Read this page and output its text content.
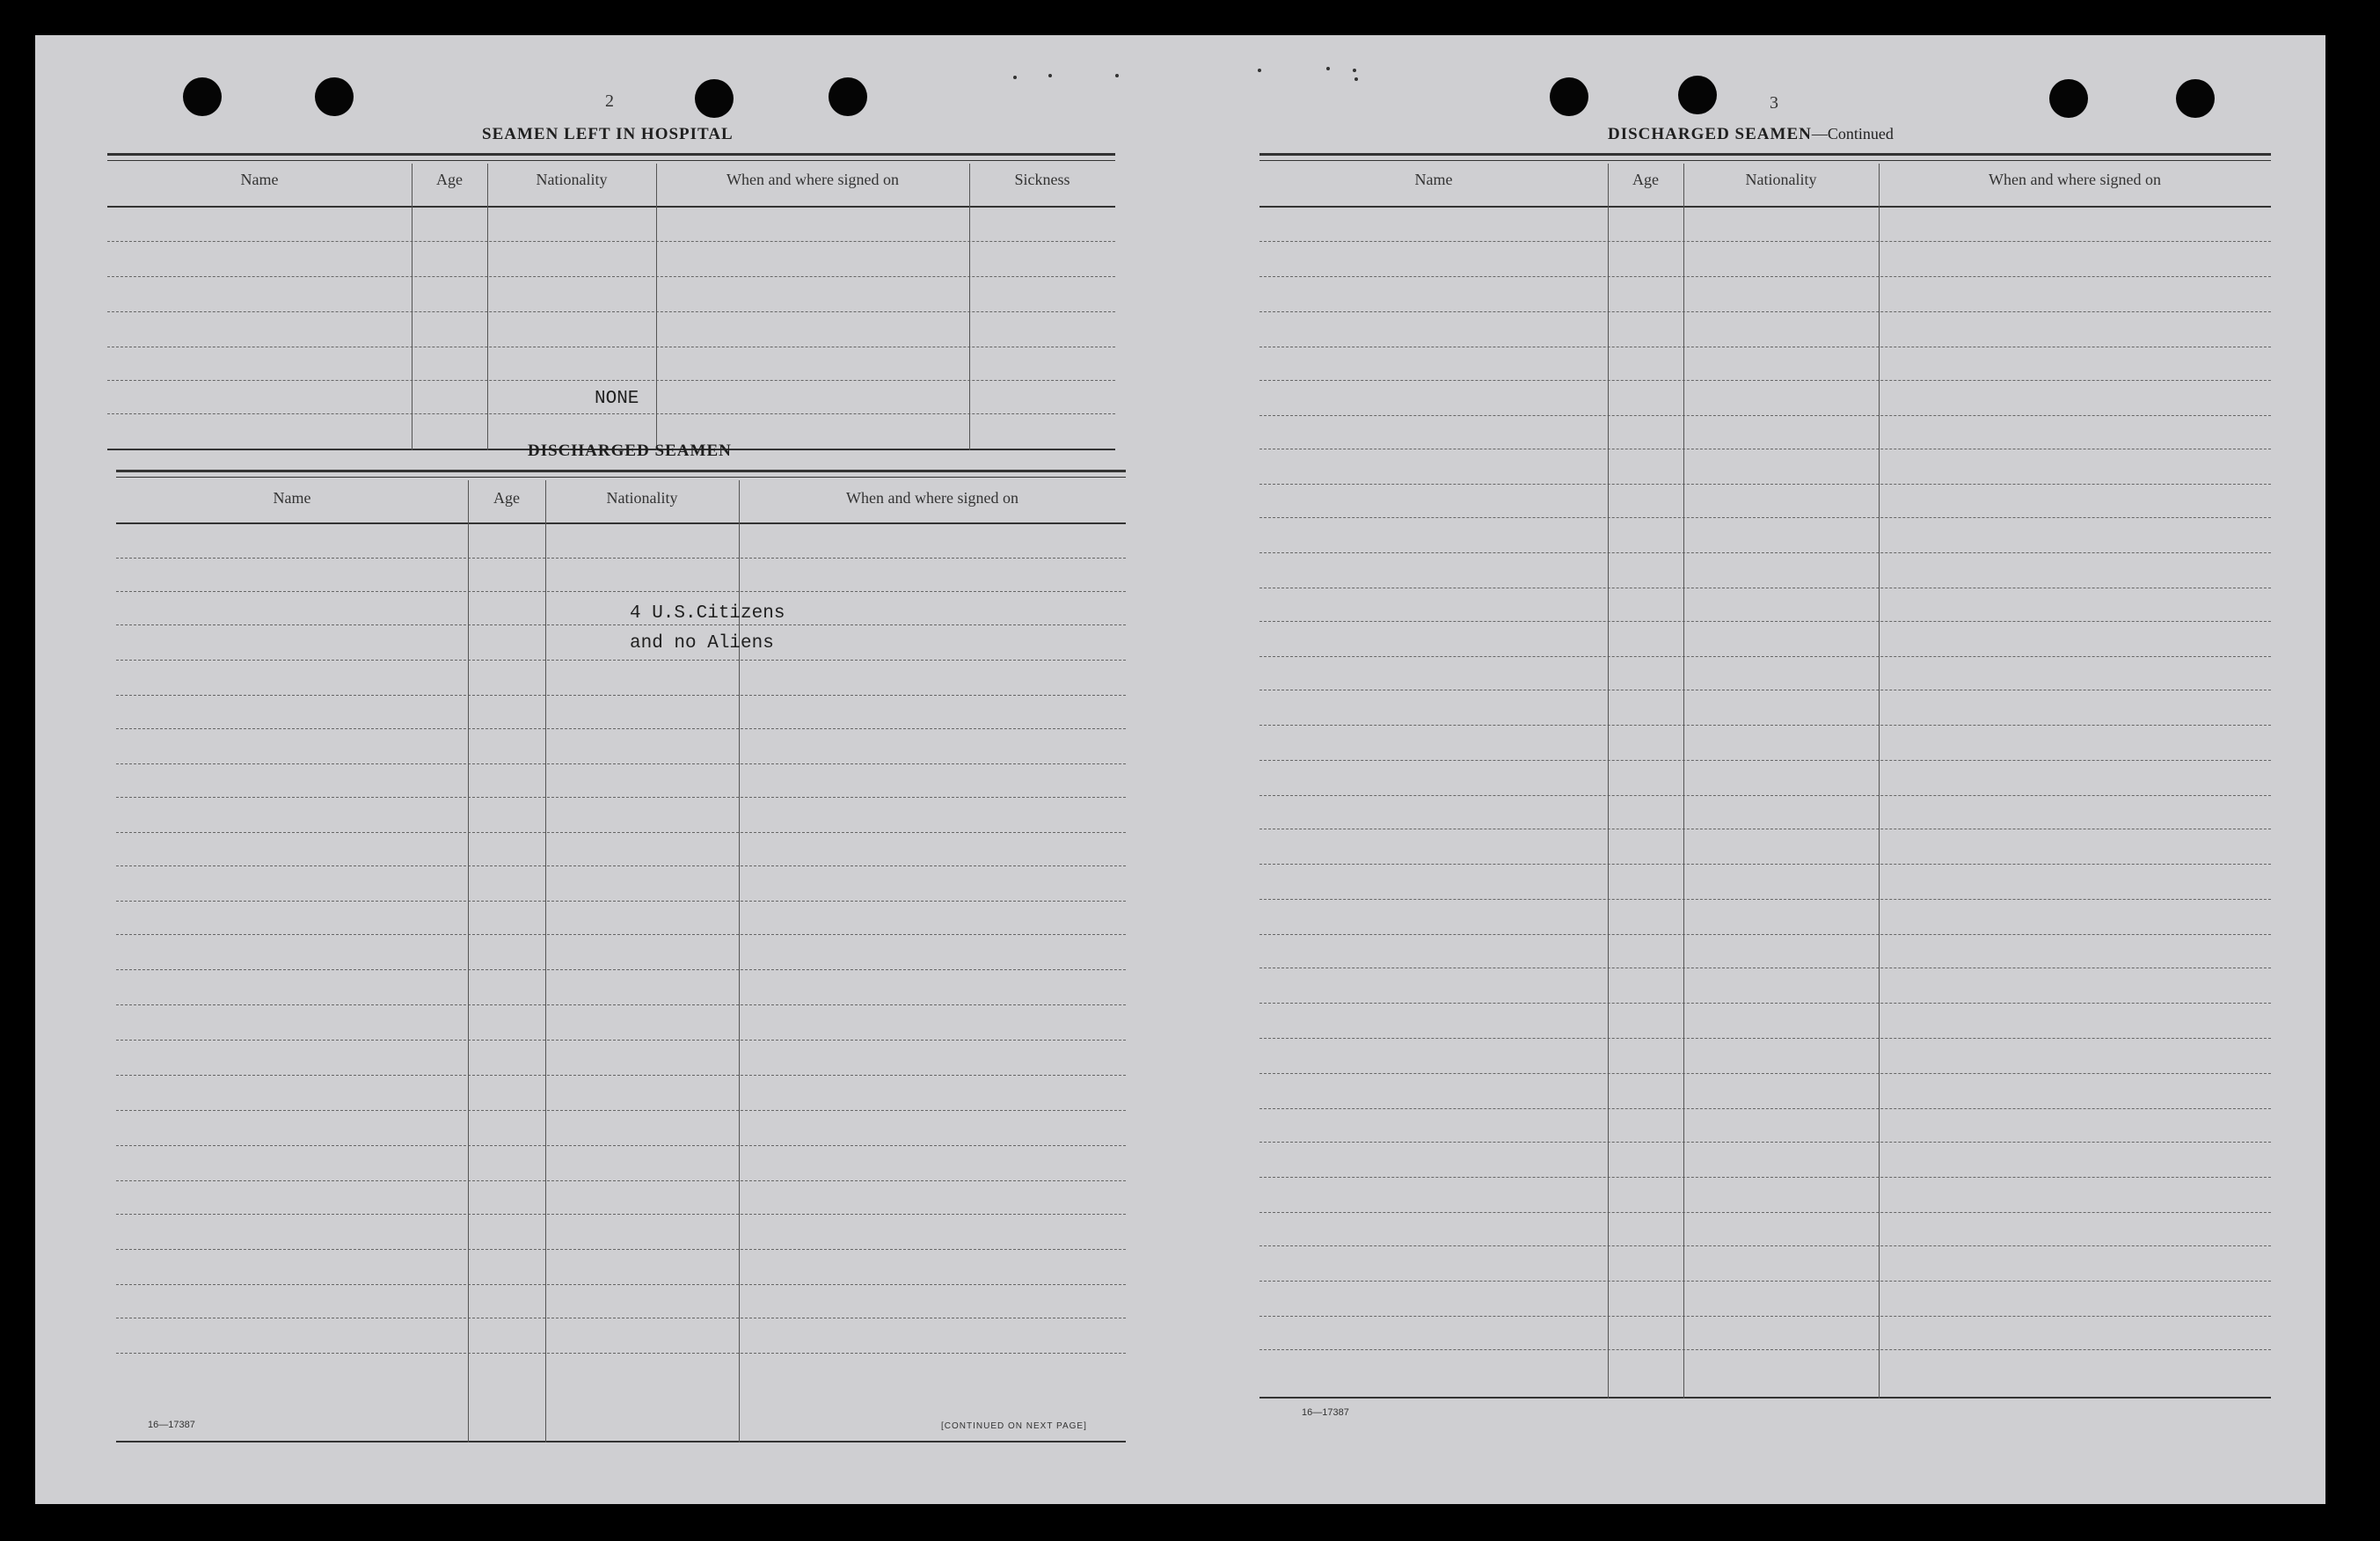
2
SEAMEN LEFT IN HOSPITAL
Name	Age	Nationality	When and where signed on	Sickness
NONE
DISCHARGED SEAMEN
Name	Age	Nationality	When and where signed on
4 U.S.Citizens
and no Aliens
16—17387	[CONTINUED ON NEXT PAGE]
3
DISCHARGED SEAMEN—Continued
Name	Age	Nationality	When and where signed on
16—17387
